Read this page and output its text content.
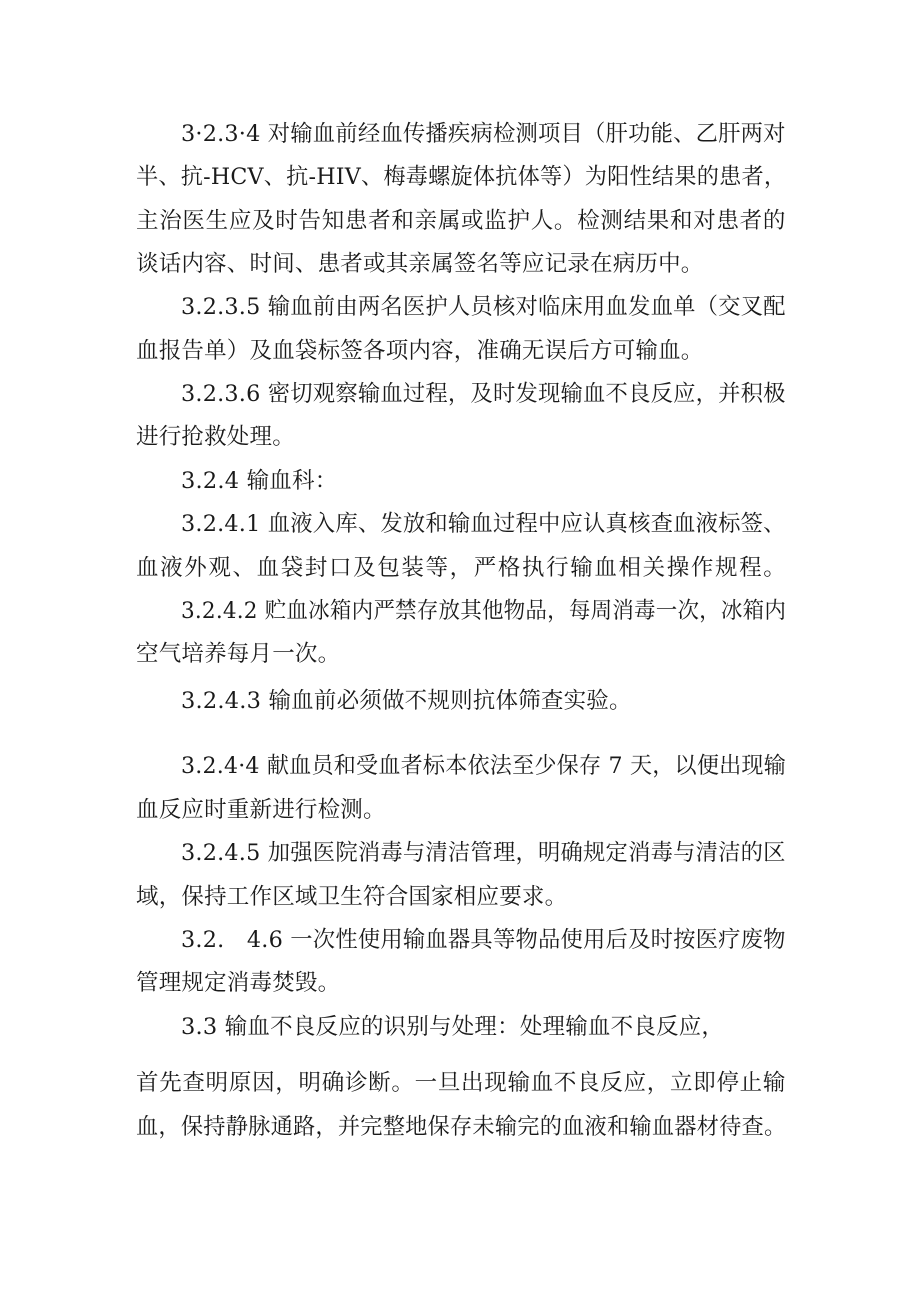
3·2.3·4 对输血前经血传播疾病检测项目（肝功能、乙肝两对
半、抗-HCV、抗-HIV、梅毒螺旋体抗体等）为阳性结果的患者，
主治医生应及时告知患者和亲属或监护人。检测结果和对患者的
谈话内容、时间、患者或其亲属签名等应记录在病历中。
3.2.3.5 输血前由两名医护人员核对临床用血发血单（交叉配
血报告单）及血袋标签各项内容，准确无误后方可输血。
3.2.3.6 密切观察输血过程，及时发现输血不良反应，并积极
进行抢救处理。
3.2.4 输血科：
3.2.4.1 血液入库、发放和输血过程中应认真核查血液标签、
血液外观、血袋封口及包装等，严格执行输血相关操作规程。
3.2.4.2 贮血冰箱内严禁存放其他物品，每周消毒一次，冰箱内
空气培养每月一次。
3.2.4.3 输血前必须做不规则抗体筛查实验。
3.2.4·4 献血员和受血者标本依法至少保存 7 天，以便出现输
血反应时重新进行检测。
3.2.4.5 加强医院消毒与清洁管理，明确规定消毒与清洁的区
域，保持工作区域卫生符合国家相应要求。
3.2.　4.6 一次性使用输血器具等物品使用后及时按医疗废物
管理规定消毒焚毁。
3.3 输血不良反应的识别与处理：处理输血不良反应，
首先查明原因，明确诊断。一旦出现输血不良反应，立即停止输
血，保持静脉通路，并完整地保存未输完的血液和输血器材待查。
